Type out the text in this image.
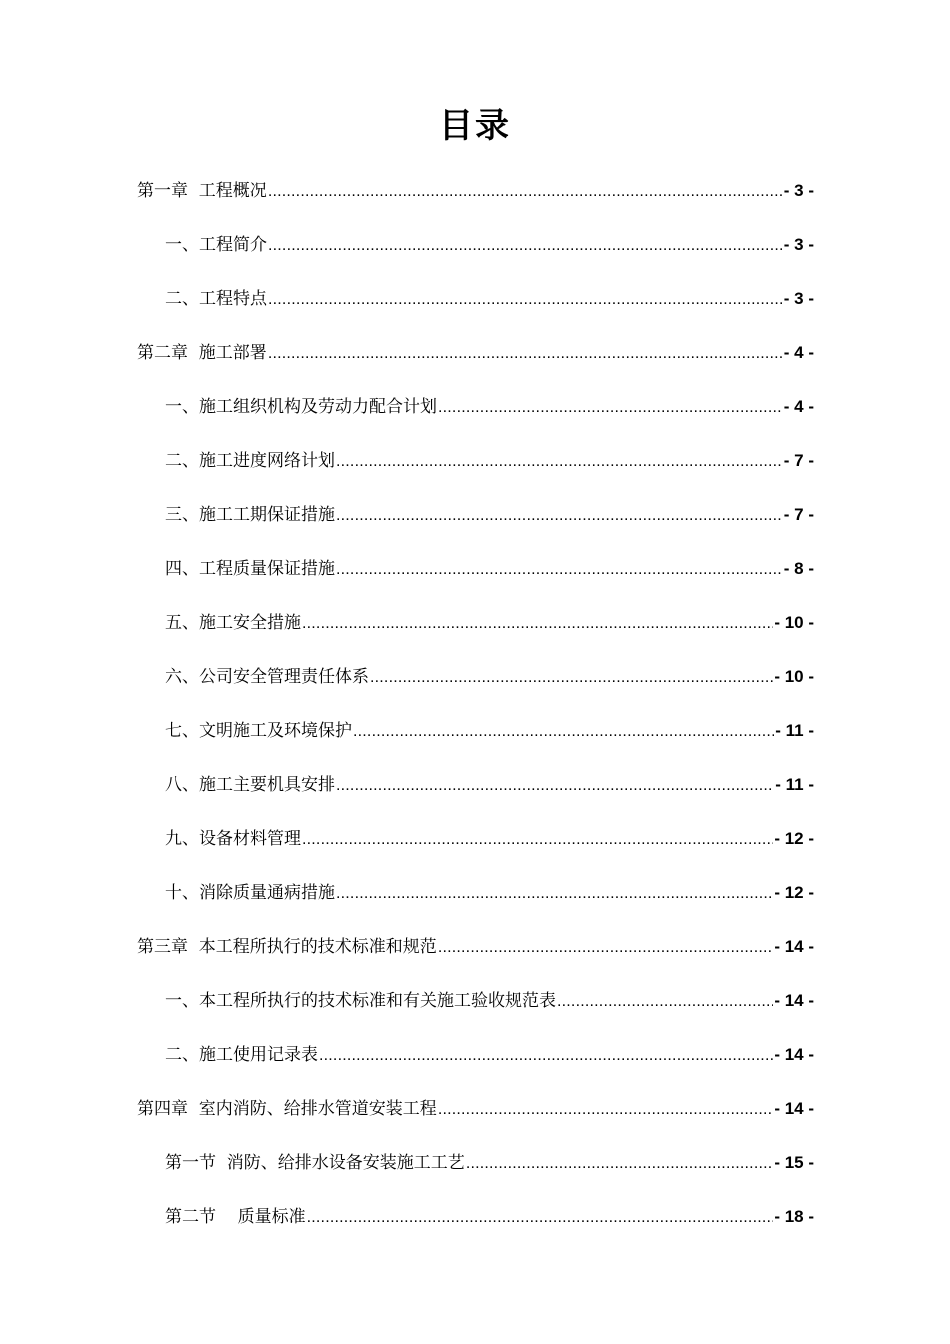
目录
第一章  工程概况 .....	- 3 -
一、工程简介 .....	- 3 -
二、工程特点 .....	- 3 -
第二章  施工部署 .....	- 4 -
一、施工组织机构及劳动力配合计划 .....	- 4 -
二、施工进度网络计划 .....	- 7 -
三、施工工期保证措施 .....	- 7 -
四、工程质量保证措施 .....	- 8 -
五、施工安全措施 .....	- 10 -
六、公司安全管理责任体系 .....	- 10 -
七、文明施工及环境保护 .....	- 11 -
八、施工主要机具安排 .....	- 11 -
九、设备材料管理 .....	- 12 -
十、消除质量通病措施 .....	- 12 -
第三章  本工程所执行的技术标准和规范 .....	- 14 -
一、本工程所执行的技术标准和有关施工验收规范表 .....	- 14 -
二、施工使用记录表 .....	- 14 -
第四章  室内消防、给排水管道安装工程 .....	- 14 -
第一节  消防、给排水设备安装施工工艺 .....	- 15 -
第二节    质量标准 .....	- 18 -
